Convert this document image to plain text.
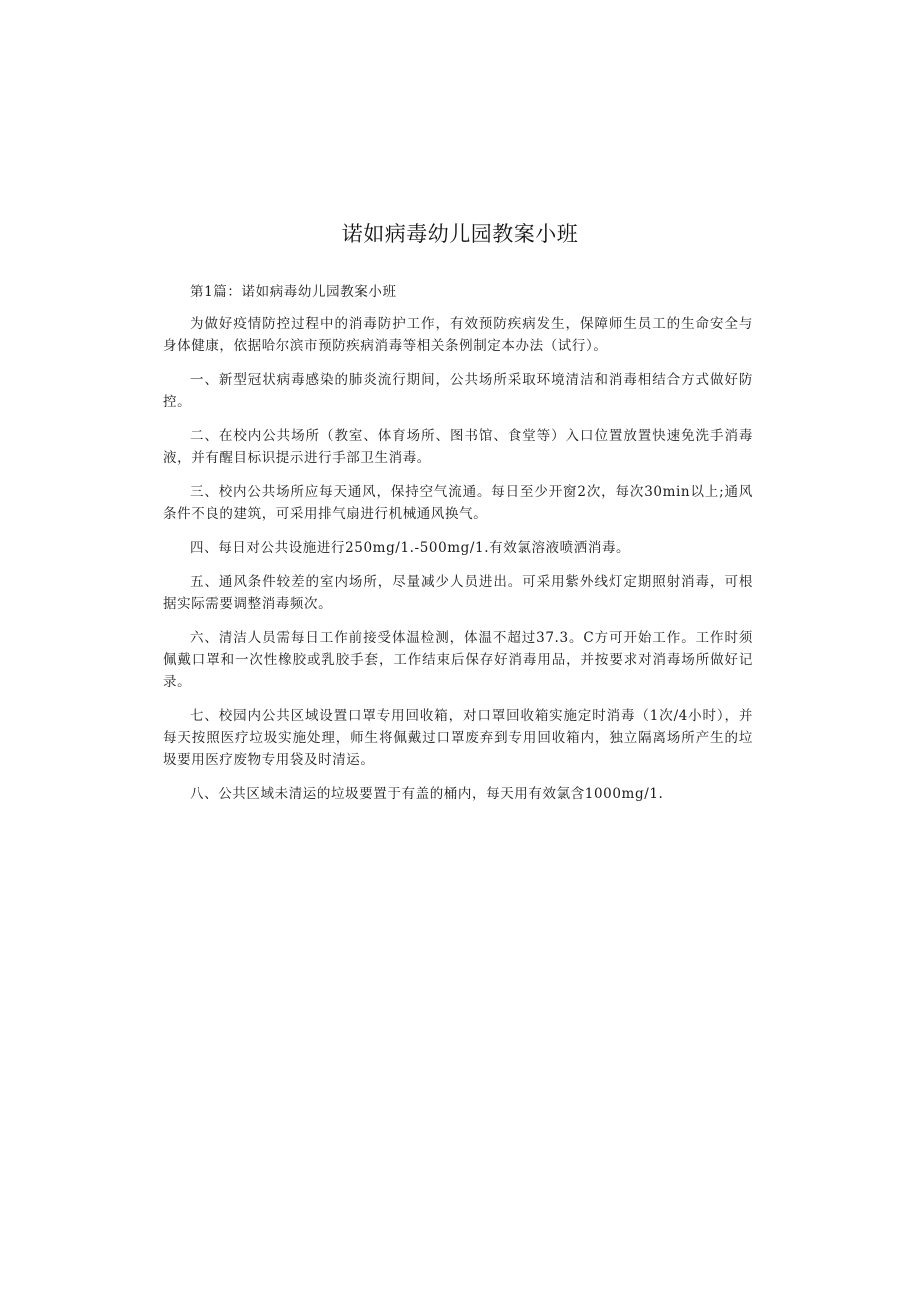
诺如病毒幼儿园教案小班

第1篇：诺如病毒幼儿园教案小班

为做好疫情防控过程中的消毒防护工作，有效预防疾病发生，保障师生员工的生命安全与身体健康，依据哈尔滨市预防疾病消毒等相关条例制定本办法（试行）。

一、新型冠状病毒感染的肺炎流行期间，公共场所采取环境清洁和消毒相结合方式做好防控。

二、在校内公共场所（教室、体育场所、图书馆、食堂等）入口位置放置快速免洗手消毒液，并有醒目标识提示进行手部卫生消毒。

三、校内公共场所应每天通风，保持空气流通。每日至少开窗2次，每次30min以上;通风条件不良的建筑，可采用排气扇进行机械通风换气。

四、每日对公共设施进行250mg/1.-500mg/1.有效氯溶液喷洒消毒。

五、通风条件较差的室内场所，尽量减少人员进出。可采用紫外线灯定期照射消毒，可根据实际需要调整消毒频次。

六、清洁人员需每日工作前接受体温检测，体温不超过37.3。C方可开始工作。工作时须佩戴口罩和一次性橡胶或乳胶手套，工作结束后保存好消毒用品，并按要求对消毒场所做好记录。

七、校园内公共区域设置口罩专用回收箱，对口罩回收箱实施定时消毒（1次/4小时），并每天按照医疗垃圾实施处理，师生将佩戴过口罩废弃到专用回收箱内，独立隔离场所产生的垃圾要用医疗废物专用袋及时清运。

八、公共区域未清运的垃圾要置于有盖的桶内，每天用有效氯含1000mg/1.
